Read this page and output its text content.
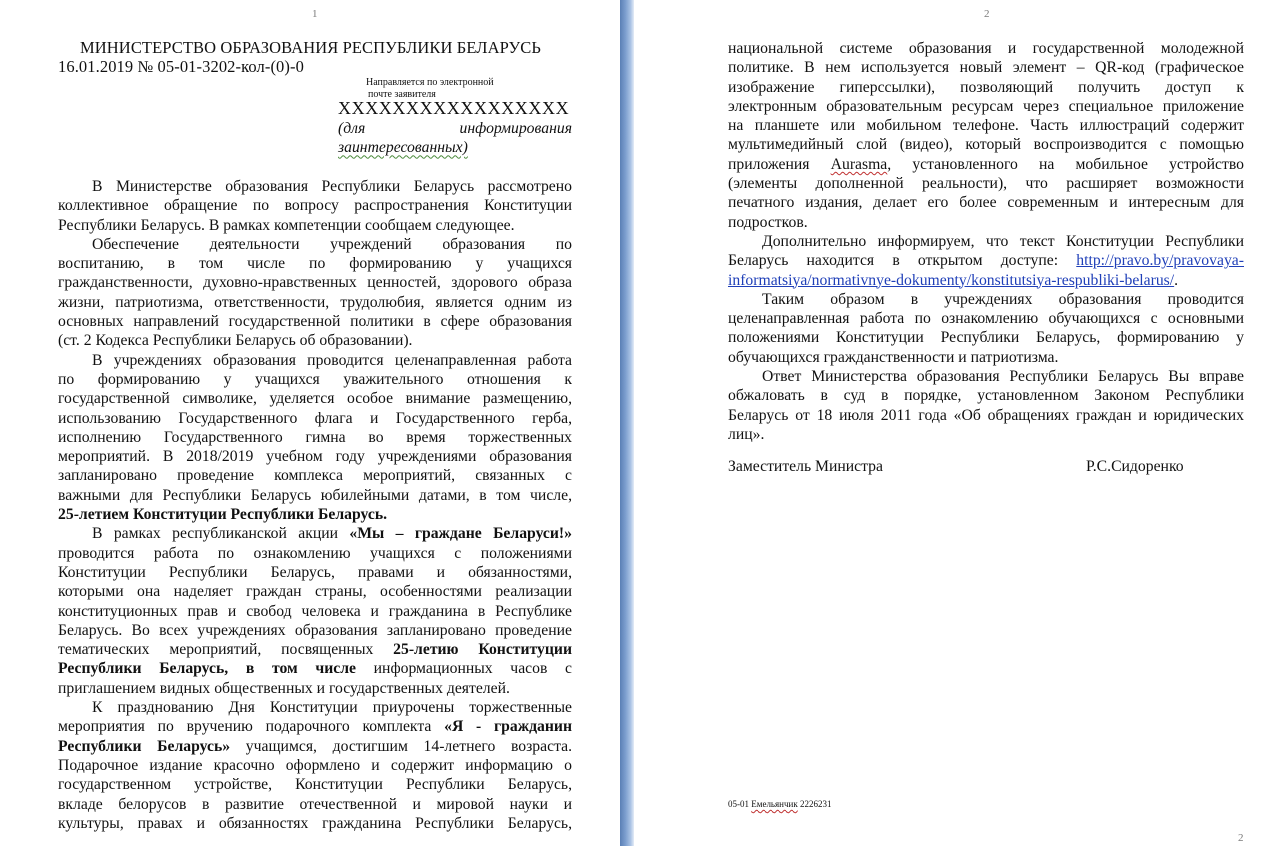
1
МИНИСТЕРСТВО ОБРАЗОВАНИЯ РЕСПУБЛИКИ БЕЛАРУСЬ
16.01.2019 № 05-01-3202-кол-(0)-0
Направляется по электронной
почте заявителя
XXXXXXXXXXXXXXXXX
(для	информирования
заинтересованных)
В Министерстве образования Республики Беларусь рассмотрено
коллективное обращение по вопросу распространения Конституции
Республики Беларусь. В рамках компетенции сообщаем следующее.
Обеспечение деятельности учреждений образования по
воспитанию, в том числе по формированию у учащихся
гражданственности, духовно-нравственных ценностей, здорового образа
жизни, патриотизма, ответственности, трудолюбия, является одним из
основных направлений государственной политики в сфере образования
(ст. 2 Кодекса Республики Беларусь об образовании).
В учреждениях образования проводится целенаправленная работа
по формированию у учащихся уважительного отношения к
государственной символике, уделяется особое внимание размещению,
использованию Государственного флага и Государственного герба,
исполнению Государственного гимна во время торжественных
мероприятий. В 2018/2019 учебном году учреждениями образования
запланировано проведение комплекса мероприятий, связанных с
важными для Республики Беларусь юбилейными датами, в том числе,
25-летием Конституции Республики Беларусь.
В рамках республиканской акции «Мы – граждане Беларуси!»
проводится работа по ознакомлению учащихся с положениями
Конституции Республики Беларусь, правами и обязанностями,
которыми она наделяет граждан страны, особенностями реализации
конституционных прав и свобод человека и гражданина в Республике
Беларусь. Во всех учреждениях образования запланировано проведение
тематических мероприятий, посвященных 25-летию Конституции
Республики Беларусь, в том числе информационных часов с
приглашением видных общественных и государственных деятелей.
К празднованию Дня Конституции приурочены торжественные
мероприятия по вручению подарочного комплекта «Я - гражданин
Республики Беларусь» учащимся, достигшим 14-летнего возраста.
Подарочное издание красочно оформлено и содержит информацию о
государственном устройстве, Конституции Республики Беларусь,
вкладе белорусов в развитие отечественной и мировой науки и
культуры, правах и обязанностях гражданина Республики Беларусь,
2
национальной системе образования и государственной молодежной
политике. В нем используется новый элемент – QR-код (графическое
изображение гиперссылки), позволяющий получить доступ к
электронным образовательным ресурсам через специальное приложение
на планшете или мобильном телефоне. Часть иллюстраций содержит
мультимедийный слой (видео), который воспроизводится с помощью
приложения Aurasma, установленного на мобильное устройство
(элементы дополненной реальности), что расширяет возможности
печатного издания, делает его более современным и интересным для
подростков.
Дополнительно информируем, что текст Конституции Республики
Беларусь находится в открытом доступе: http://pravo.by/pravovaya-
informatsiya/normativnye-dokumenty/konstitutsiya-respubliki-belarus/.
Таким образом в учреждениях образования проводится
целенаправленная работа по ознакомлению обучающихся с основными
положениями Конституции Республики Беларусь, формированию у
обучающихся гражданственности и патриотизма.
Ответ Министерства образования Республики Беларусь Вы вправе
обжаловать в суд в порядке, установленном Законом Республики
Беларусь от 18 июля 2011 года «Об обращениях граждан и юридических
лиц».
Заместитель Министра	Р.С.Сидоренко
05-01 Емельянчик 2226231
2
